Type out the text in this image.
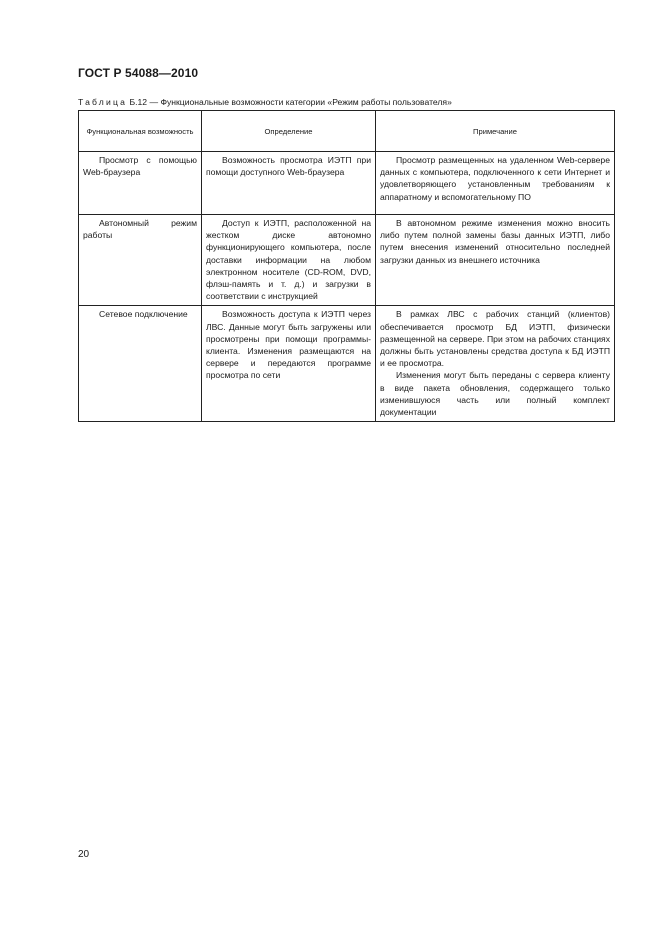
ГОСТ Р 54088—2010
Таблица Б.12 — Функциональные возможности категории «Режим работы пользователя»
Функциональная возможность	Определение	Примечание
Просмотр с помощью Web-браузера	Возможность просмотра ИЭТП при помощи доступного Web-браузера	Просмотр размещенных на удаленном Web-сервере данных с компьютера, подключенного к сети Интернет и удовлетворяющего установленным требованиям к аппаратному и вспомогательному ПО

Автономный режим работы	Доступ к ИЭТП, расположенной на жестком диске автономно функционирующего компьютера, после доставки информации на любом электронном носителе (CD-ROM, DVD, флэш-память и т. д.) и загрузки в соответствии с инструкцией	В автономном режиме изменения можно вносить либо путем полной замены базы данных ИЭТП, либо путем внесения изменений относительно последней загрузки данных из внешнего источника

Сетевое подключение	Возможность доступа к ИЭТП через ЛВС. Данные могут быть загружены или просмотрены при помощи программы-клиента. Изменения размещаются на сервере и передаются программе просмотра по сети	В рамках ЛВС с рабочих станций (клиентов) обеспечивается просмотр БД ИЭТП, физически размещенной на сервере. При этом на рабочих станциях должны быть установлены средства доступа к БД ИЭТП и ее просмотра.
Изменения могут быть переданы с сервера клиенту в виде пакета обновления, содержащего только изменившуюся часть или полный комплект документации
20
